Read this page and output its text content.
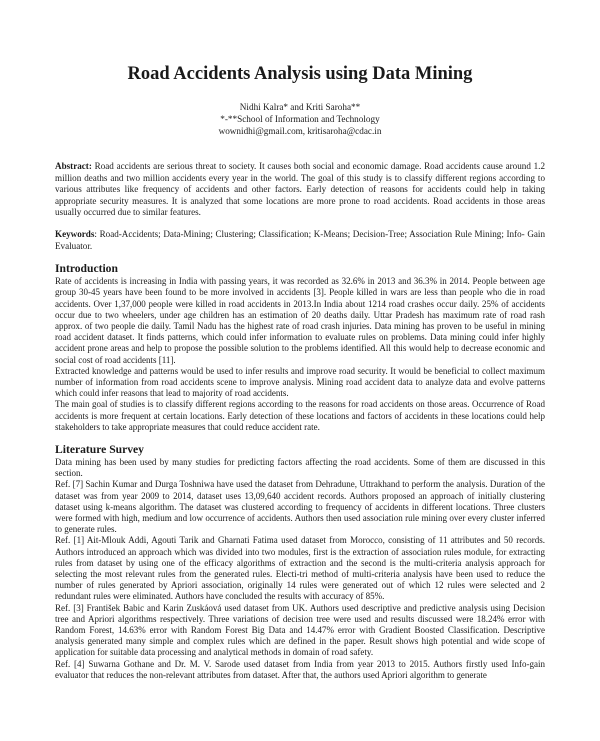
Road Accidents Analysis using Data Mining
Nidhi Kalra* and Kriti Saroha**
*-**School of Information and Technology
wownidhi@gmail.com, kritisaroha@cdac.in
Abstract: Road accidents are serious threat to society. It causes both social and economic damage. Road accidents cause around 1.2 million deaths and two million accidents every year in the world. The goal of this study is to classify different regions according to various attributes like frequency of accidents and other factors. Early detection of reasons for accidents could help in taking appropriate security measures. It is analyzed that some locations are more prone to road accidents. Road accidents in those areas usually occurred due to similar features.
Keywords: Road-Accidents; Data-Mining; Clustering; Classification; K-Means; Decision-Tree; Association Rule Mining; Info- Gain Evaluator.
Introduction

Rate of accidents is increasing in India with passing years, it was recorded as 32.6% in 2013 and 36.3% in 2014. People between age group 30-45 years have been found to be more involved in accidents [3]. People killed in wars are less than people who die in road accidents. Over 1,37,000 people were killed in road accidents in 2013.In India about 1214 road crashes occur daily. 25% of accidents occur due to two wheelers, under age children has an estimation of 20 deaths daily. Uttar Pradesh has maximum rate of road rash approx. of two people die daily. Tamil Nadu has the highest rate of road crash injuries. Data mining has proven to be useful in mining road accident dataset. It finds patterns, which could infer information to evaluate rules on problems. Data mining could infer highly accident prone areas and help to propose the possible solution to the problems identified. All this would help to decrease economic and social cost of road accidents [11].

Extracted knowledge and patterns would be used to infer results and improve road security. It would be beneficial to collect maximum number of information from road accidents scene to improve analysis. Mining road accident data to analyze data and evolve patterns which could infer reasons that lead to majority of road accidents.

The main goal of studies is to classify different regions according to the reasons for road accidents on those areas. Occurrence of Road accidents is more frequent at certain locations. Early detection of these locations and factors of accidents in these locations could help stakeholders to take appropriate measures that could reduce accident rate.

Literature Survey

Data mining has been used by many studies for predicting factors affecting the road accidents. Some of them are discussed in this section.

Ref. [7] Sachin Kumar and Durga Toshniwa have used the dataset from Dehradune, Uttrakhand to perform the analysis. Duration of the dataset was from year 2009 to 2014, dataset uses 13,09,640 accident records. Authors proposed an approach of initially clustering dataset using k-means algorithm. The dataset was clustered according to frequency of accidents in different locations. Three clusters were formed with high, medium and low occurrence of accidents. Authors then used association rule mining over every cluster inferred to generate rules.

Ref. [1] Ait-Mlouk Addi, Agouti Tarik and Gharnati Fatima used dataset from Morocco, consisting of 11 attributes and 50 records. Authors introduced an approach which was divided into two modules, first is the extraction of association rules module, for extracting rules from dataset by using one of the efficacy algorithms of extraction and the second is the multi-criteria analysis approach for selecting the most relevant rules from the generated rules. Electi-tri method of multi-criteria analysis have been used to reduce the number of rules generated by Apriori association, originally 14 rules were generated out of which 12 rules were selected and 2 redundant rules were eliminated. Authors have concluded the results with accuracy of 85%.

Ref. [3] František Babic and Karin Zuskáová used dataset from UK. Authors used descriptive and predictive analysis using Decision tree and Apriori algorithms respectively. Three variations of decision tree were used and results discussed were 18.24% error with Random Forest, 14.63% error with Random Forest Big Data and 14.47% error with Gradient Boosted Classification. Descriptive analysis generated many simple and complex rules which are defined in the paper. Result shows high potential and wide scope of application for suitable data processing and analytical methods in domain of road safety.

Ref. [4] Suwarna Gothane and Dr. M. V. Sarode used dataset from India from year 2013 to 2015. Authors firstly used Info-gain evaluator that reduces the non-relevant attributes from dataset. After that, the authors used Apriori algorithm to generate
